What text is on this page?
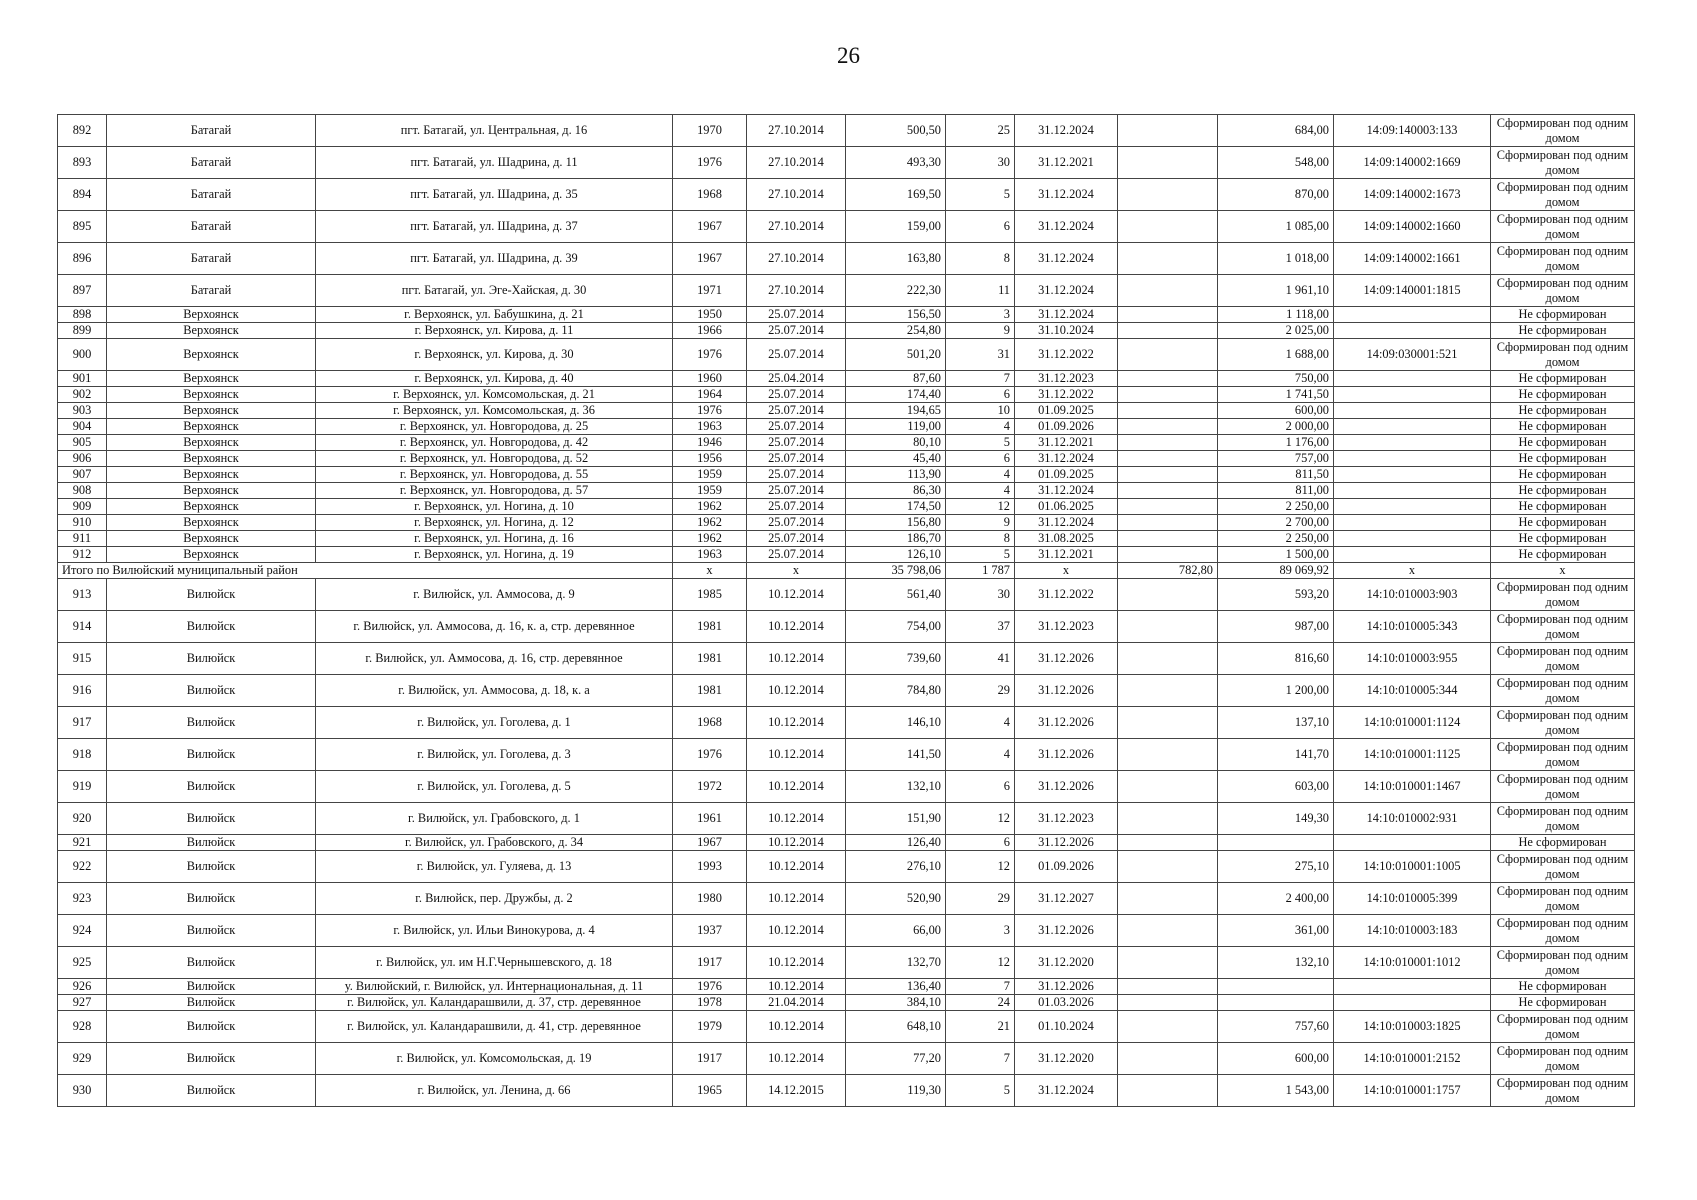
26
892	Батагай	пгт. Батагай, ул. Центральная, д. 16	1970	27.10.2014	500,50	25	31.12.2024		684,00	14:09:140003:133	Сформирован под одним домом
893	Батагай	пгт. Батагай, ул. Шадрина, д. 11	1976	27.10.2014	493,30	30	31.12.2021		548,00	14:09:140002:1669	Сформирован под одним домом
894	Батагай	пгт. Батагай, ул. Шадрина, д. 35	1968	27.10.2014	169,50	5	31.12.2024		870,00	14:09:140002:1673	Сформирован под одним домом
895	Батагай	пгт. Батагай, ул. Шадрина, д. 37	1967	27.10.2014	159,00	6	31.12.2024		1 085,00	14:09:140002:1660	Сформирован под одним домом
896	Батагай	пгт. Батагай, ул. Шадрина, д. 39	1967	27.10.2014	163,80	8	31.12.2024		1 018,00	14:09:140002:1661	Сформирован под одним домом
897	Батагай	пгт. Батагай, ул. Эге-Хайская, д. 30	1971	27.10.2014	222,30	11	31.12.2024		1 961,10	14:09:140001:1815	Сформирован под одним домом
898	Верхоянск	г. Верхоянск, ул. Бабушкина, д. 21	1950	25.07.2014	156,50	3	31.12.2024		1 118,00		Не сформирован
899	Верхоянск	г. Верхоянск, ул. Кирова, д. 11	1966	25.07.2014	254,80	9	31.10.2024		2 025,00		Не сформирован
900	Верхоянск	г. Верхоянск, ул. Кирова, д. 30	1976	25.07.2014	501,20	31	31.12.2022		1 688,00	14:09:030001:521	Сформирован под одним домом
901	Верхоянск	г. Верхоянск, ул. Кирова, д. 40	1960	25.04.2014	87,60	7	31.12.2023		750,00		Не сформирован
902	Верхоянск	г. Верхоянск, ул. Комсомольская, д. 21	1964	25.07.2014	174,40	6	31.12.2022		1 741,50		Не сформирован
903	Верхоянск	г. Верхоянск, ул. Комсомольская, д. 36	1976	25.07.2014	194,65	10	01.09.2025		600,00		Не сформирован
904	Верхоянск	г. Верхоянск, ул. Новгородова, д. 25	1963	25.07.2014	119,00	4	01.09.2026		2 000,00		Не сформирован
905	Верхоянск	г. Верхоянск, ул. Новгородова, д. 42	1946	25.07.2014	80,10	5	31.12.2021		1 176,00		Не сформирован
906	Верхоянск	г. Верхоянск, ул. Новгородова, д. 52	1956	25.07.2014	45,40	6	31.12.2024		757,00		Не сформирован
907	Верхоянск	г. Верхоянск, ул. Новгородова, д. 55	1959	25.07.2014	113,90	4	01.09.2025		811,50		Не сформирован
908	Верхоянск	г. Верхоянск, ул. Новгородова, д. 57	1959	25.07.2014	86,30	4	31.12.2024		811,00		Не сформирован
909	Верхоянск	г. Верхоянск, ул. Ногина, д. 10	1962	25.07.2014	174,50	12	01.06.2025		2 250,00		Не сформирован
910	Верхоянск	г. Верхоянск, ул. Ногина, д. 12	1962	25.07.2014	156,80	9	31.12.2024		2 700,00		Не сформирован
911	Верхоянск	г. Верхоянск, ул. Ногина, д. 16	1962	25.07.2014	186,70	8	31.08.2025		2 250,00		Не сформирован
912	Верхоянск	г. Верхоянск, ул. Ногина, д. 19	1963	25.07.2014	126,10	5	31.12.2021		1 500,00		Не сформирован
Итого по Вилюйский муниципальный район			x	x	35 798,06	1 787	x	782,80	89 069,92	x	x
913	Вилюйск	г. Вилюйск, ул. Аммосова, д. 9	1985	10.12.2014	561,40	30	31.12.2022		593,20	14:10:010003:903	Сформирован под одним домом
914	Вилюйск	г. Вилюйск, ул. Аммосова, д. 16, к. а, стр. деревянное	1981	10.12.2014	754,00	37	31.12.2023		987,00	14:10:010005:343	Сформирован под одним домом
915	Вилюйск	г. Вилюйск, ул. Аммосова, д. 16, стр. деревянное	1981	10.12.2014	739,60	41	31.12.2026		816,60	14:10:010003:955	Сформирован под одним домом
916	Вилюйск	г. Вилюйск, ул. Аммосова, д. 18, к. а	1981	10.12.2014	784,80	29	31.12.2026		1 200,00	14:10:010005:344	Сформирован под одним домом
917	Вилюйск	г. Вилюйск, ул. Гоголева, д. 1	1968	10.12.2014	146,10	4	31.12.2026		137,10	14:10:010001:1124	Сформирован под одним домом
918	Вилюйск	г. Вилюйск, ул. Гоголева, д. 3	1976	10.12.2014	141,50	4	31.12.2026		141,70	14:10:010001:1125	Сформирован под одним домом
919	Вилюйск	г. Вилюйск, ул. Гоголева, д. 5	1972	10.12.2014	132,10	6	31.12.2026		603,00	14:10:010001:1467	Сформирован под одним домом
920	Вилюйск	г. Вилюйск, ул. Грабовского, д. 1	1961	10.12.2014	151,90	12	31.12.2023		149,30	14:10:010002:931	Сформирован под одним домом
921	Вилюйск	г. Вилюйск, ул. Грабовского, д. 34	1967	10.12.2014	126,40	6	31.12.2026				Не сформирован
922	Вилюйск	г. Вилюйск, ул. Гуляева, д. 13	1993	10.12.2014	276,10	12	01.09.2026		275,10	14:10:010001:1005	Сформирован под одним домом
923	Вилюйск	г. Вилюйск, пер. Дружбы, д. 2	1980	10.12.2014	520,90	29	31.12.2027		2 400,00	14:10:010005:399	Сформирован под одним домом
924	Вилюйск	г. Вилюйск, ул. Ильи Винокурова, д. 4	1937	10.12.2014	66,00	3	31.12.2026		361,00	14:10:010003:183	Сформирован под одним домом
925	Вилюйск	г. Вилюйск, ул. им Н.Г.Чернышевского, д. 18	1917	10.12.2014	132,70	12	31.12.2020		132,10	14:10:010001:1012	Сформирован под одним домом
926	Вилюйск	у. Вилюйский, г. Вилюйск, ул. Интернациональная, д. 11	1976	10.12.2014	136,40	7	31.12.2026				Не сформирован
927	Вилюйск	г. Вилюйск, ул. Каландарашвили, д. 37, стр. деревянное	1978	21.04.2014	384,10	24	01.03.2026				Не сформирован
928	Вилюйск	г. Вилюйск, ул. Каландарашвили, д. 41, стр. деревянное	1979	10.12.2014	648,10	21	01.10.2024		757,60	14:10:010003:1825	Сформирован под одним домом
929	Вилюйск	г. Вилюйск, ул. Комсомольская, д. 19	1917	10.12.2014	77,20	7	31.12.2020		600,00	14:10:010001:2152	Сформирован под одним домом
930	Вилюйск	г. Вилюйск, ул. Ленина, д. 66	1965	14.12.2015	119,30	5	31.12.2024		1 543,00	14:10:010001:1757	Сформирован под одним домом
